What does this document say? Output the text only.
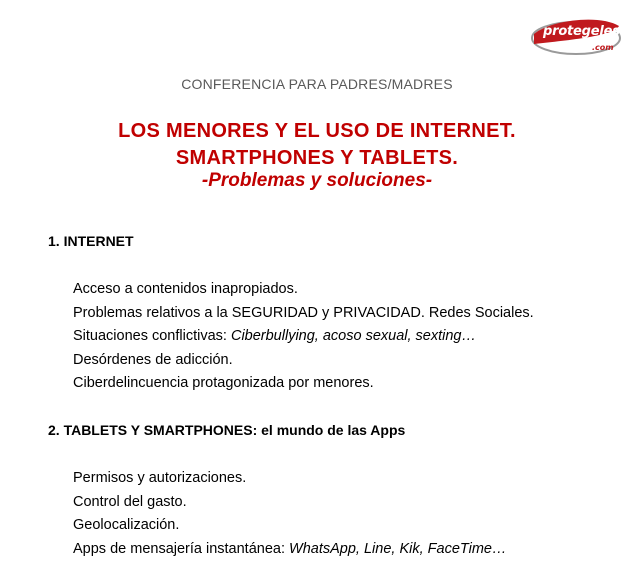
protegeles
.com
CONFERENCIA PARA PADRES/MADRES
LOS MENORES Y EL USO DE INTERNET.
SMARTPHONES Y TABLETS.
-Problemas y soluciones-
1. INTERNET
Acceso a contenidos inapropiados.
Problemas relativos a la SEGURIDAD y PRIVACIDAD. Redes Sociales.
Situaciones conflictivas: Ciberbullying, acoso sexual, sexting…
Desórdenes de adicción.
Ciberdelincuencia protagonizada por menores.
2. TABLETS Y SMARTPHONES: el mundo de las Apps
Permisos y autorizaciones.
Control del gasto.
Geolocalización.
Apps de mensajería instantánea: WhatsApp, Line, Kik, FaceTime…
